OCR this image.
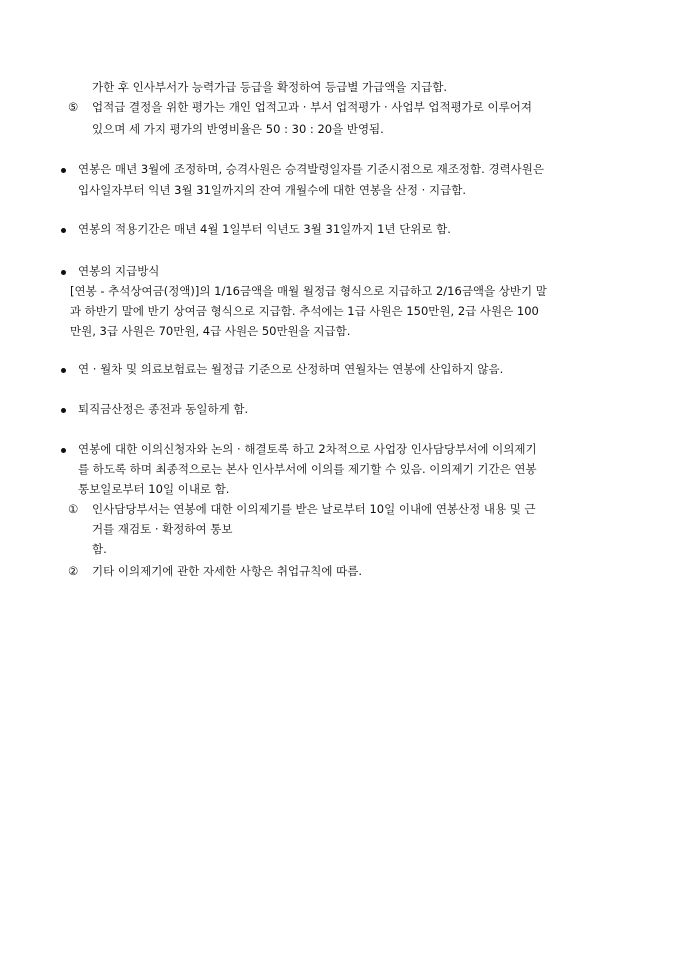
가한 후 인사부서가 능력가급 등급을 확정하여 등급별 가급액을 지급함.
⑤ 업적급 결정을 위한 평가는 개인 업적고과 · 부서 업적평가 · 사업부 업적평가로 이루어져
있으며 세 가지 평가의 반영비율은 50 : 30 : 20을 반영됨.
연봉은 매년 3월에 조정하며, 승격사원은 승격발령일자를 기준시점으로 재조정함. 경력사원은
입사일자부터 익년 3월 31일까지의 잔여 개월수에 대한 연봉을 산정 · 지급함.
연봉의 적용기간은 매년 4월 1일부터 익년도 3월 31일까지 1년 단위로 함.
연봉의 지급방식
[연봉 - 추석상여금(정액)]의 1/16금액을 매월 월정급 형식으로 지급하고 2/16금액을 상반기 말
과 하반기 말에 반기 상여금 형식으로 지급함. 추석에는 1급 사원은 150만원, 2급 사원은 100
만원, 3급 사원은 70만원, 4급 사원은 50만원을 지급함.
연 · 월차 및 의료보험료는 월정급 기준으로 산정하며 연월차는 연봉에 산입하지 않음.
퇴직금산정은 종전과 동일하게 함.
연봉에 대한 이의신청자와 논의 · 해결토록 하고 2차적으로 사업장 인사담당부서에 이의제기
를 하도록 하며 최종적으로는 본사 인사부서에 이의를 제기할 수 있음. 이의제기 기간은 연봉
통보일로부터 10일 이내로 함.
① 인사담당부서는 연봉에 대한 이의제기를 받은 날로부터 10일 이내에 연봉산정 내용 및 근
거를 재검토 · 확정하여 통보
함.
② 기타 이의제기에 관한 자세한 사항은 취업규칙에 따름.
